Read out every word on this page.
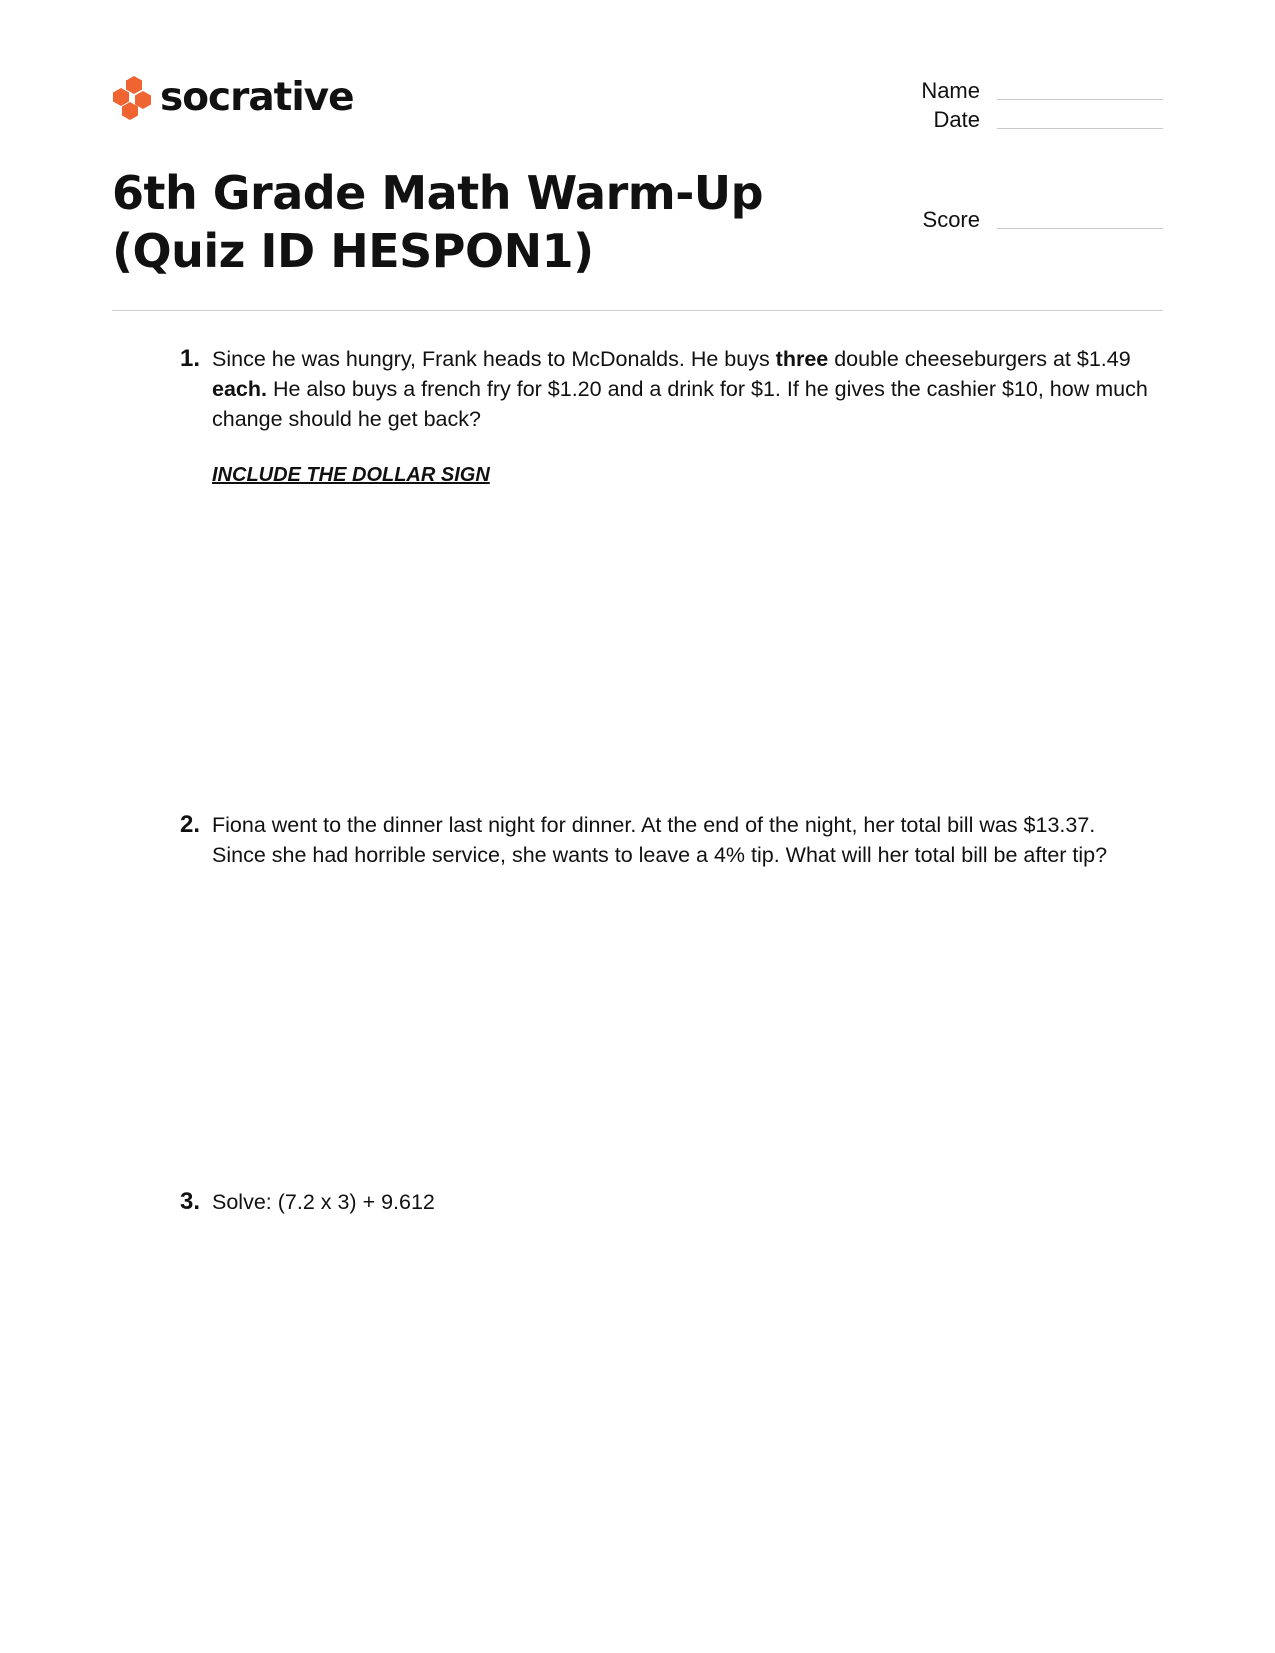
socrative	Name
Date
Score
6th Grade Math Warm-Up (Quiz ID HESPON1)
1. Since he was hungry, Frank heads to McDonalds. He buys three double cheeseburgers at $1.49 each. He also buys a french fry for $1.20 and a drink for $1. If he gives the cashier $10, how much change should he get back?
INCLUDE THE DOLLAR SIGN
2. Fiona went to the dinner last night for dinner. At the end of the night, her total bill was $13.37. Since she had horrible service, she wants to leave a 4% tip. What will her total bill be after tip?
3. Solve: (7.2 x 3) + 9.612
